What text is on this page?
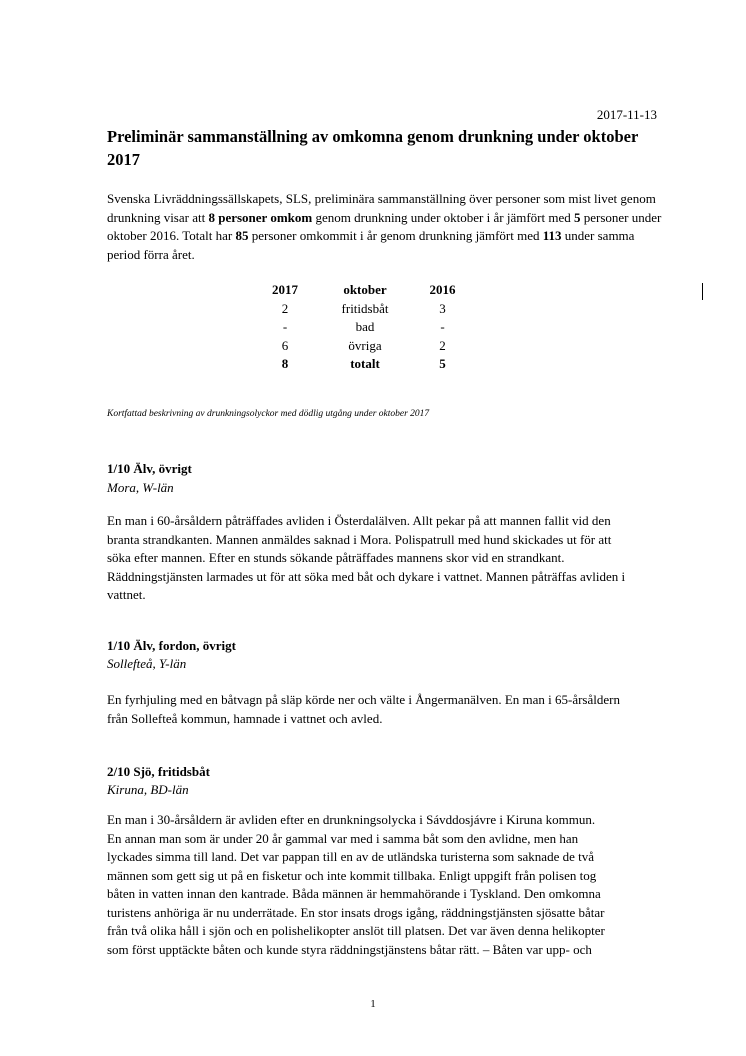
2017-11-13
Preliminär sammanställning av omkomna genom drunkning under oktober 2017

Svenska Livräddningssällskapets, SLS, preliminära sammanställning över personer som mist livet genom drunkning visar att 8 personer omkom genom drunkning under oktober i år jämfört med 5 personer under oktober 2016. Totalt har 85 personer omkommit i år genom drunkning jämfört med 113 under samma period förra året.

2017	oktober	2016
2	fritidsbåt	3
-	bad	-
6	övriga	2
8	totalt	5
Kortfattad beskrivning av drunkningsolyckor med dödlig utgång under oktober 2017
1/10 Älv, övrigt
Mora, W-län
En man i 60-årsåldern påträffades avliden i Österdalälven. Allt pekar på att mannen fallit vid den
branta strandkanten. Mannen anmäldes saknad i Mora. Polispatrull med hund skickades ut för att
söka efter mannen. Efter en stunds sökande påträffades mannens skor vid en strandkant.
Räddningstjänsten larmades ut för att söka med båt och dykare i vattnet. Mannen påträffas avliden i
vattnet.
1/10 Älv, fordon, övrigt
Sollefteå, Y-län
En fyrhjuling med en båtvagn på släp körde ner och välte i Ångermanälven. En man i 65-årsåldern
från Sollefteå kommun, hamnade i vattnet och avled.
2/10 Sjö, fritidsbåt
Kiruna, BD-län
En man i 30-årsåldern är avliden efter en drunkningsolycka i Sávddosjávre i Kiruna kommun.
En annan man som är under 20 år gammal var med i samma båt som den avlidne, men han
lyckades simma till land. Det var pappan till en av de utländska turisterna som saknade de två
männen som gett sig ut på en fisketur och inte kommit tillbaka. Enligt uppgift från polisen tog
båten in vatten innan den kantrade. Båda männen är hemmahörande i Tyskland. Den omkomna
turistens anhöriga är nu underrätade. En stor insats drogs igång, räddningstjänsten sjösatte båtar
från två olika håll i sjön och en polishelikopter anslöt till platsen. Det var även denna helikopter
som först upptäckte båten och kunde styra räddningstjänstens båtar rätt. – Båten var upp- och
1
